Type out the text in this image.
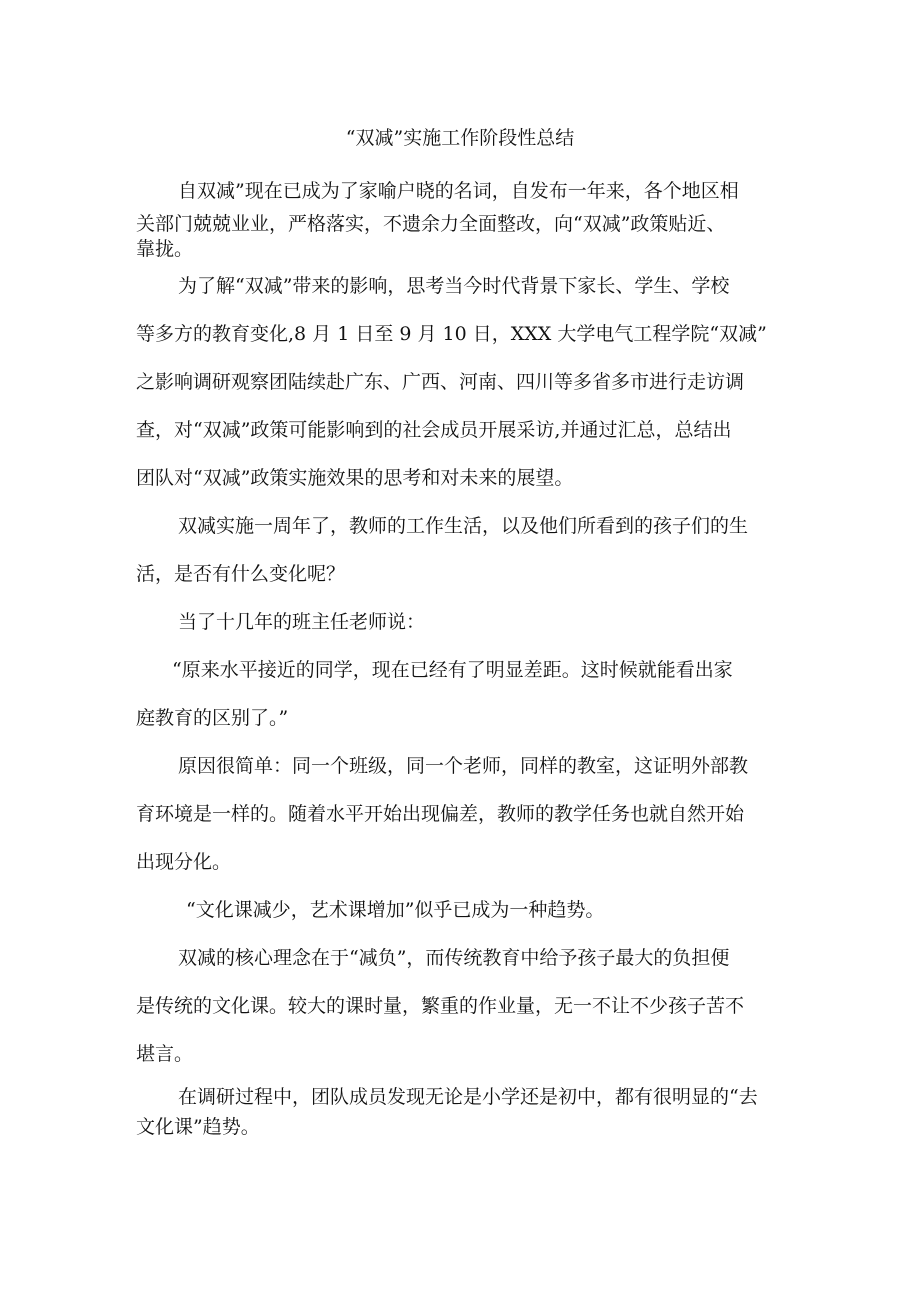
“双减”实施工作阶段性总结
自双减”现在已成为了家喻户晓的名词，自发布一年来，各个地区相
关部门兢兢业业，严格落实，不遗余力全面整改，向“双减”政策贴近、
靠拢。
为了解“双减”带来的影响，思考当今时代背景下家长、学生、学校
等多方的教育变化,8 月 1 日至 9 月 10 日，XXX 大学电气工程学院“双减”
之影响调研观察团陆续赴广东、广西、河南、四川等多省多市进行走访调
查，对“双减”政策可能影响到的社会成员开展采访,并通过汇总，总结出
团队对“双减”政策实施效果的思考和对未来的展望。
双减实施一周年了，教师的工作生活，以及他们所看到的孩子们的生
活，是否有什么变化呢？
当了十几年的班主任老师说：
“原来水平接近的同学，现在已经有了明显差距。这时候就能看出家
庭教育的区别了。”
原因很简单：同一个班级，同一个老师，同样的教室，这证明外部教
育环境是一样的。随着水平开始出现偏差，教师的教学任务也就自然开始
出现分化。
“文化课减少，艺术课增加”似乎已成为一种趋势。
双减的核心理念在于“减负”，而传统教育中给予孩子最大的负担便
是传统的文化课。较大的课时量，繁重的作业量，无一不让不少孩子苦不
堪言。
在调研过程中，团队成员发现无论是小学还是初中，都有很明显的“去
文化课”趋势。
